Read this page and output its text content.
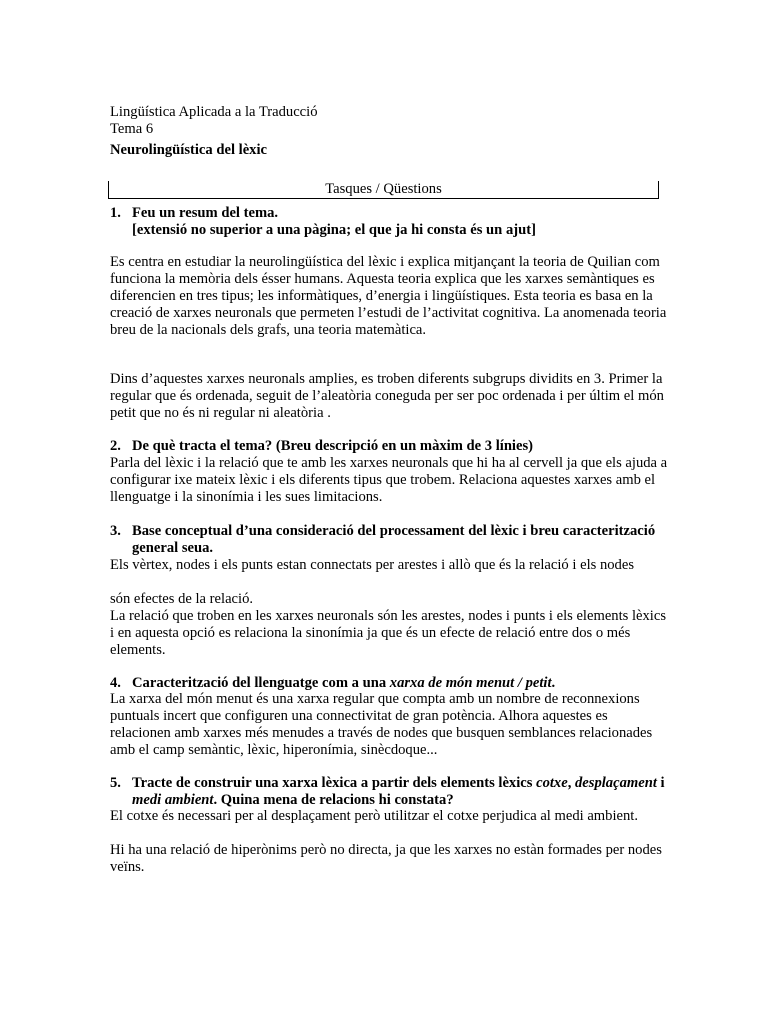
Lingüística Aplicada a la Traducció
Tema 6
Neurolingüística del lèxic
Tasques / Qüestions
1. Feu un resum del tema.
[extensió no superior a una pàgina; el que ja hi consta és un ajut]
Es centra en estudiar la neurolingüística del lèxic i explica mitjançant la teoria de Quilian com funciona la memòria dels ésser humans. Aquesta teoria explica que les xarxes semàntiques es diferencien en tres tipus; les informàtiques, d’energia i lingüístiques. Esta teoria es basa en la creació de xarxes neuronals que permeten l’estudi de l’activitat cognitiva. La anomenada teoria breu de la nacionals dels grafs, una teoria matemàtica.
Dins d’aquestes xarxes neuronals amplies, es troben diferents subgrups dividits en 3. Primer la regular que és ordenada, seguit de l’aleatòria coneguda per ser poc ordenada i per últim el món petit que no és ni regular ni aleatòria .
2. De què tracta el tema? (Breu descripció en un màxim de 3 línies)
Parla del lèxic i la relació que te amb les xarxes neuronals que hi ha al cervell ja que els ajuda a configurar ixe mateix lèxic i els diferents tipus que trobem. Relaciona aquestes xarxes amb el llenguatge i la sinonímia i les sues limitacions.
3. Base conceptual d’una consideració del processament del lèxic i breu caracterització general seua.
Els vèrtex, nodes i els punts estan connectats per arestes i allò que és la relació i els nodes
són efectes de la relació.
La relació que troben en les xarxes neuronals són les arestes, nodes i punts i els elements lèxics i en aquesta opció es relaciona la sinonímia ja que és un efecte de relació entre dos o més elements.
4. Caracterització del llenguatge com a una xarxa de món menut / petit.
La xarxa del món menut és una xarxa regular que compta amb un nombre de reconnexions puntuals incert que configuren una connectivitat de gran potència. Alhora aquestes es relacionen amb xarxes més menudes a través de nodes que busquen semblances relacionades amb el camp semàntic, lèxic, hiperonímia, sinècdoque...
5. Tracte de construir una xarxa lèxica a partir dels elements lèxics cotxe, desplaçament i medi ambient. Quina mena de relacions hi constata?
El cotxe és necessari per al desplaçament però utilitzar el cotxe perjudica al medi ambient.
Hi ha una relació de hiperònims però no directa, ja que les xarxes no estàn formades per nodes veïns.
